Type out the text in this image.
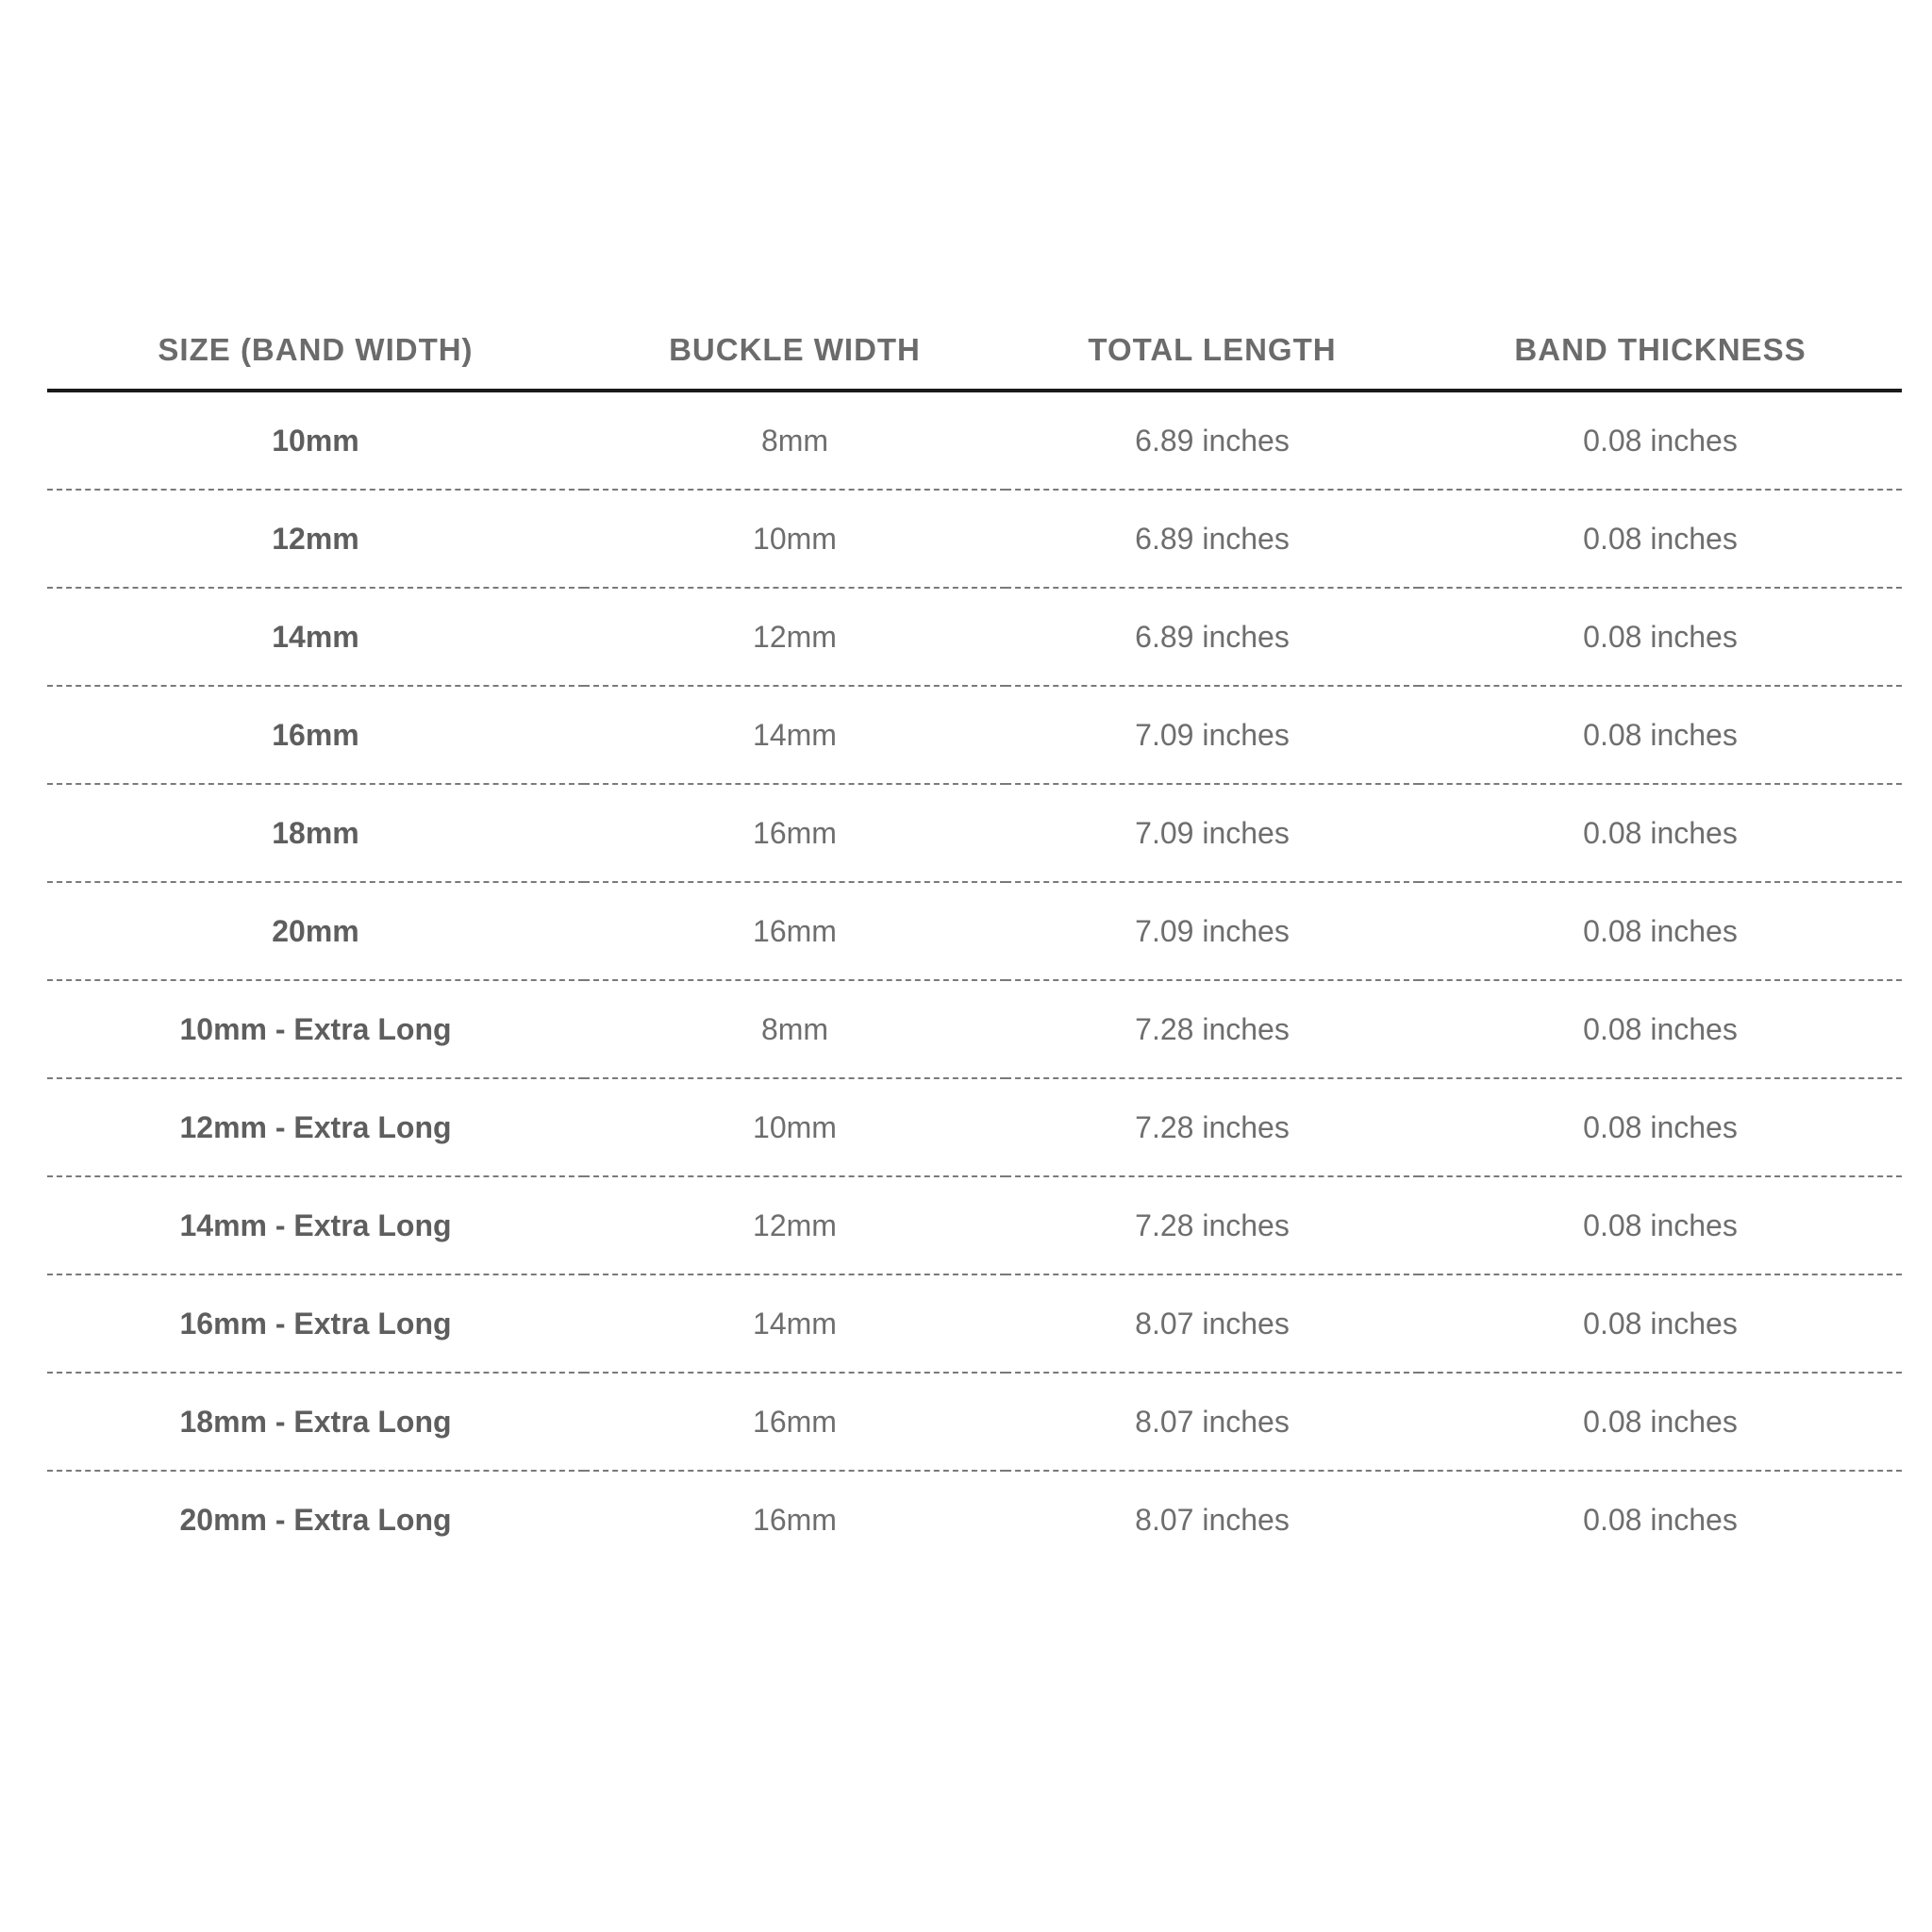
SIZE (BAND WIDTH)	BUCKLE WIDTH	TOTAL LENGTH	BAND THICKNESS
10mm	8mm	6.89 inches	0.08 inches
12mm	10mm	6.89 inches	0.08 inches
14mm	12mm	6.89 inches	0.08 inches
16mm	14mm	7.09 inches	0.08 inches
18mm	16mm	7.09 inches	0.08 inches
20mm	16mm	7.09 inches	0.08 inches
10mm - Extra Long	8mm	7.28 inches	0.08 inches
12mm - Extra Long	10mm	7.28 inches	0.08 inches
14mm - Extra Long	12mm	7.28 inches	0.08 inches
16mm - Extra Long	14mm	8.07 inches	0.08 inches
18mm - Extra Long	16mm	8.07 inches	0.08 inches
20mm - Extra Long	16mm	8.07 inches	0.08 inches
